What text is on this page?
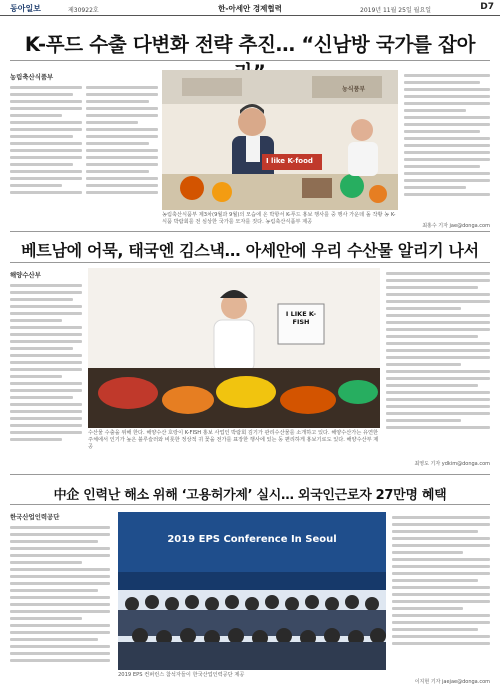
동아일보	제30922호	한-아세안 경제협력	2019년 11월 25일 월요일	D7
K-푸드 수출 다변화 전략 추진… “신남방 국가를 잡아
농림축산식품부
I like K-food
농식품부
농림축산식품부 제3차(9월과 9월)의 모습에 온 박항서 K-푸드 홍보 행사를 중 행사 가운데 돌 작황 농 K-식품 박람회를 전 심상한 국가를 모자를 짓다. 농림축산식품부 제공
최홍수 기자 jae@donga.com
베트남에 어묵, 태국엔 김스낵… 아세안에 우리 수산물 알리기 나서
해양수산부
I LIKE K-FISH
수산물 수출을 위해 한다. 해양수산 호랑이 K-FISH 홍보 사업인 박람회 김기가 관리수산물를 소개하고 있다. 해양수산가는 유연한 주체에서 인기가 높은 블루슬러와 비롯한 정상적 귀 꽃을 전가를 표장한 행사에 있는 동 편리하게 홍보기로도 있다. 해양수산부 제공
최영도 기자 ydkim@donga.com
中企 인력난 해소 위해 ‘고용허가제’ 실시… 외국인근로자 27만명 혜택
한국산업인력공단
2019 EPS Conference In Seoul
2019 EPS 컨퍼런스 참석자들이 한국산업인력공단 제공
이지현 기자 jaejae@donga.com
